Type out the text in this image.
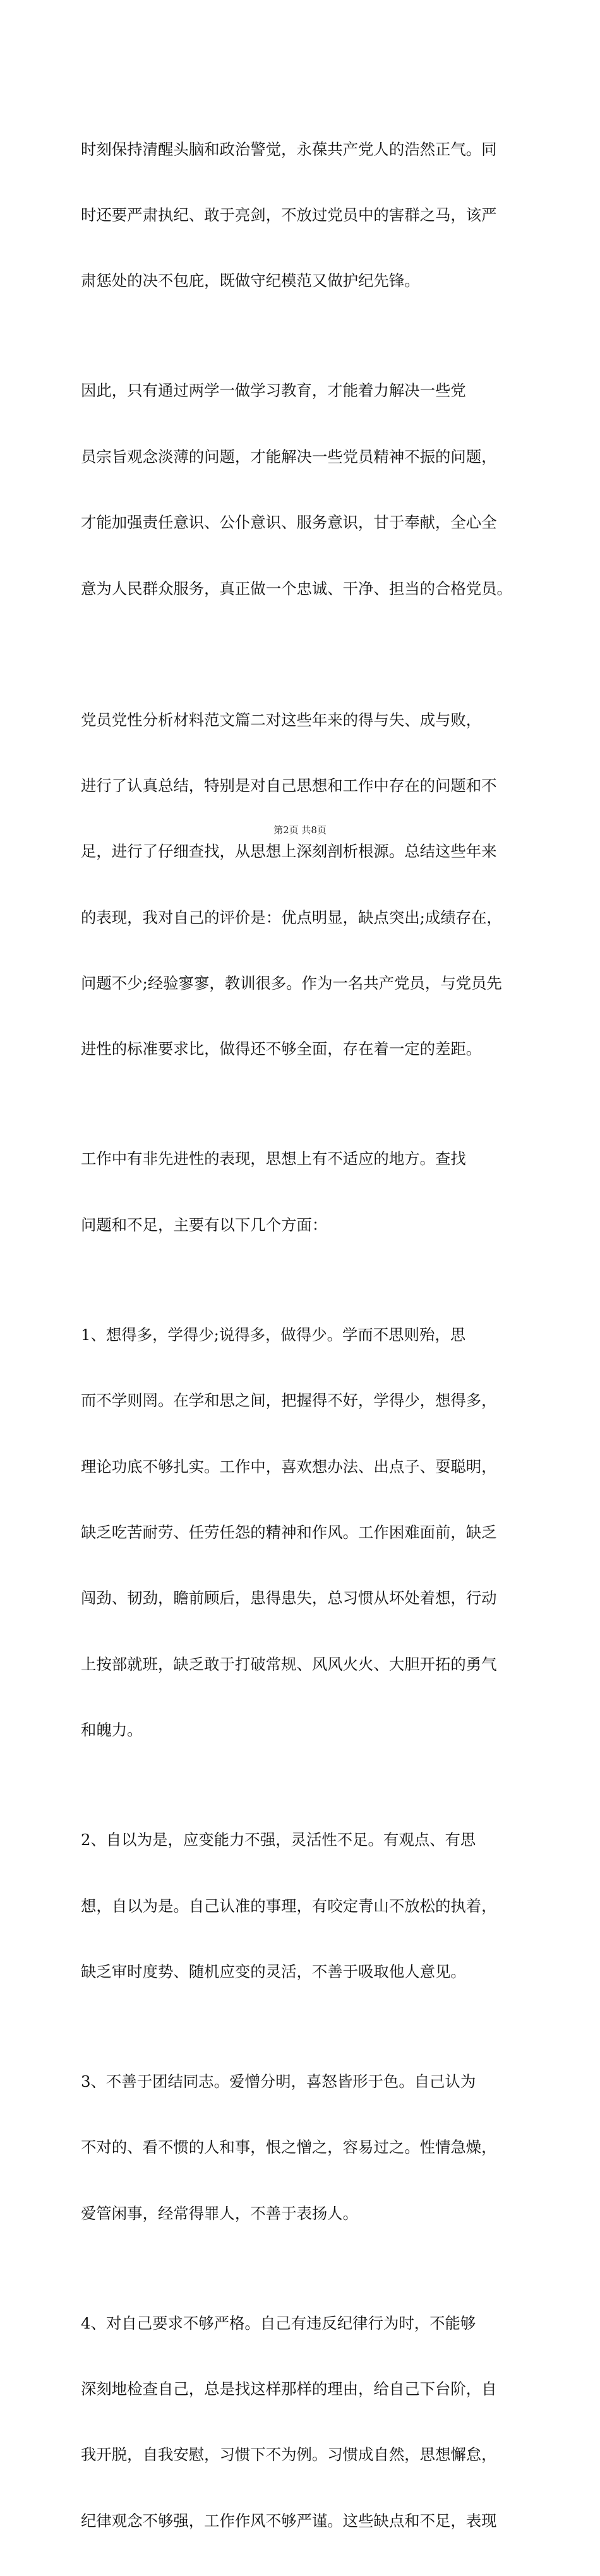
时刻保持清醒头脑和政治警觉，永葆共产党人的浩然正气。同

时还要严肃执纪、敢于亮剑，不放过党员中的害群之马，该严

肃惩处的决不包庇，既做守纪模范又做护纪先锋。

因此，只有通过两学一做学习教育，才能着力解决一些党

员宗旨观念淡薄的问题，才能解决一些党员精神不振的问题，

才能加强责任意识、公仆意识、服务意识，甘于奉献，全心全

意为人民群众服务，真正做一个忠诚、干净、担当的合格党员。

党员党性分析材料范文篇二对这些年来的得与失、成与败，

进行了认真总结，特别是对自己思想和工作中存在的问题和不

足，进行了仔细查找，从思想上深刻剖析根源。总结这些年来

的表现，我对自己的评价是：优点明显，缺点突出;成绩存在，

问题不少;经验寥寥，教训很多。作为一名共产党员，与党员先

进性的标准要求比，做得还不够全面，存在着一定的差距。

工作中有非先进性的表现，思想上有不适应的地方。查找

问题和不足，主要有以下几个方面：

1、想得多，学得少;说得多，做得少。学而不思则殆，思

而不学则罔。在学和思之间，把握得不好，学得少，想得多，

理论功底不够扎实。工作中，喜欢想办法、出点子、耍聪明，

缺乏吃苦耐劳、任劳任怨的精神和作风。工作困难面前，缺乏

闯劲、韧劲，瞻前顾后，患得患失，总习惯从坏处着想，行动

上按部就班，缺乏敢于打破常规、风风火火、大胆开拓的勇气

和魄力。

2、自以为是，应变能力不强，灵活性不足。有观点、有思

想，自以为是。自己认准的事理，有咬定青山不放松的执着，

缺乏审时度势、随机应变的灵活，不善于吸取他人意见。

3、不善于团结同志。爱憎分明，喜怒皆形于色。自己认为

不对的、看不惯的人和事，恨之憎之，容易过之。性情急燥，

爱管闲事，经常得罪人，不善于表扬人。

4、对自己要求不够严格。自己有违反纪律行为时，不能够

深刻地检查自己，总是找这样那样的理由，给自己下台阶，自

我开脱，自我安慰，习惯下不为例。习惯成自然，思想懈怠，

纪律观念不够强，工作作风不够严谨。这些缺点和不足，表现

第2页 共8页
